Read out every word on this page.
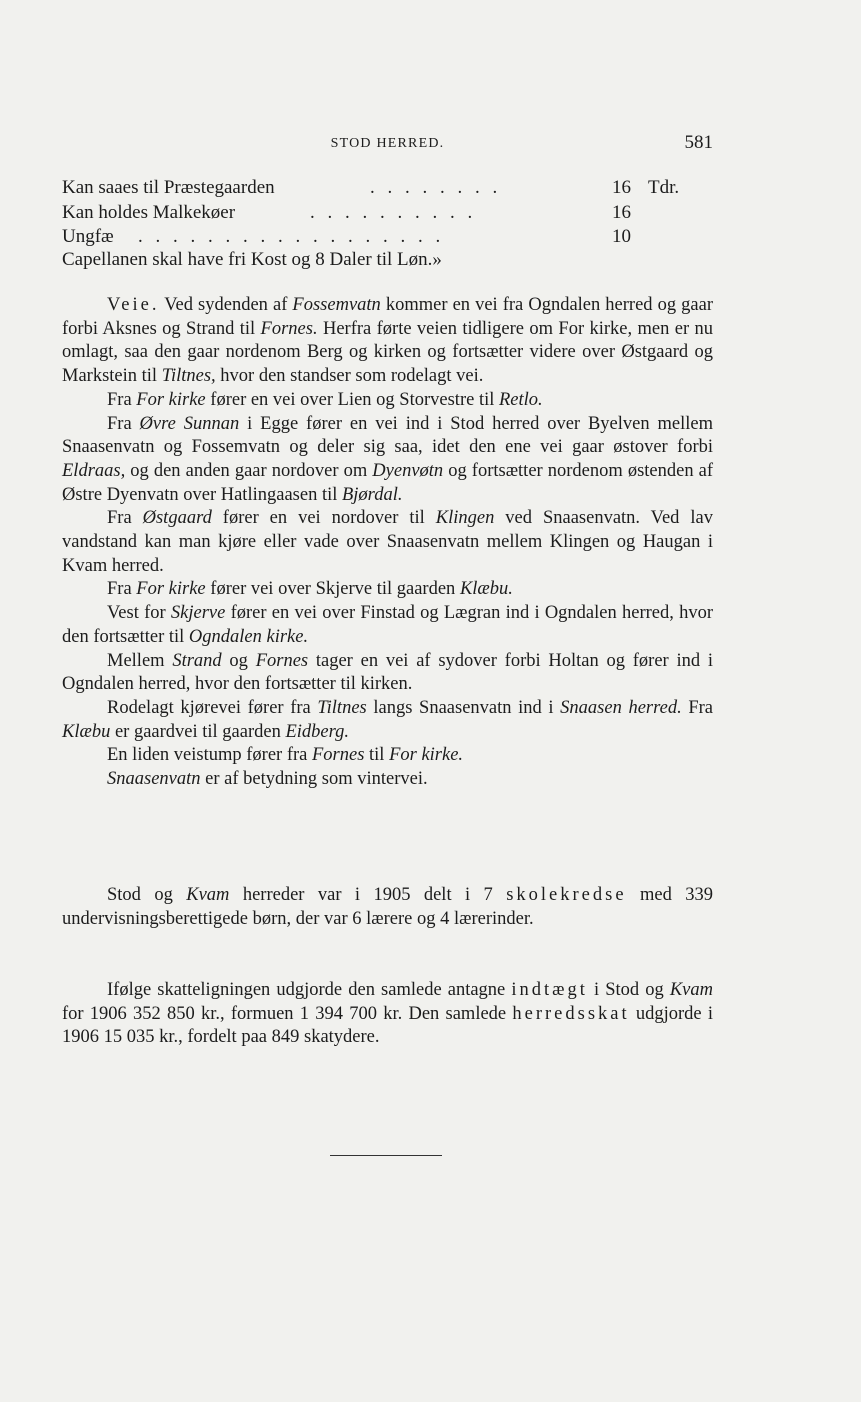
STOD HERRED.	581
Kan saaes til Præstegaarden	. . . . . . . .	16 Tdr.
Kan holdes Malkekøer	. . . . . . . . . .	16
Ungfæ . . . . . . . . . . . . . . . . . .	10
Capellanen skal have fri Kost og 8 Daler til Løn.»

Veie. Ved sydenden af Fossemvatn kommer en vei fra Ogndalen herred og gaar forbi Aksnes og Strand til Fornes. Herfra førte veien tidligere om For kirke, men er nu omlagt, saa den gaar nordenom Berg og kirken og fortsætter videre over Østgaard og Markstein til Tiltnes, hvor den standser som rodelagt vei.

Fra For kirke fører en vei over Lien og Storvestre til Retlo.

Fra Øvre Sunnan i Egge fører en vei ind i Stod herred over Byelven mellem Snaasenvatn og Fossemvatn og deler sig saa, idet den ene vei gaar østover forbi Eldraas, og den anden gaar nordover om Dyenvøtn og fortsætter nordenom østenden af Østre Dyenvatn over Hatlingaasen til Bjørdal.

Fra Østgaard fører en vei nordover til Klingen ved Snaasenvatn. Ved lav vandstand kan man kjøre eller vade over Snaasenvatn mellem Klingen og Haugan i Kvam herred.

Fra For kirke fører vei over Skjerve til gaarden Klæbu.

Vest for Skjerve fører en vei over Finstad og Lægran ind i Ogndalen herred, hvor den fortsætter til Ogndalen kirke.

Mellem Strand og Fornes tager en vei af sydover forbi Holtan og fører ind i Ogndalen herred, hvor den fortsætter til kirken.

Rodelagt kjørevei fører fra Tiltnes langs Snaasenvatn ind i Snaasen herred. Fra Klæbu er gaardvei til gaarden Eidberg.

En liden veistump fører fra Fornes til For kirke.

Snaasenvatn er af betydning som vintervei.

Stod og Kvam herreder var i 1905 delt i 7 skolekredse med 339 undervisningsberettigede børn, der var 6 lærere og 4 lærerinder.

Ifølge skatteligningen udgjorde den samlede antagne indtægt i Stod og Kvam for 1906 352 850 kr., formuen 1 394 700 kr. Den samlede herredsskat udgjorde i 1906 15 035 kr., fordelt paa 849 skatydere.
